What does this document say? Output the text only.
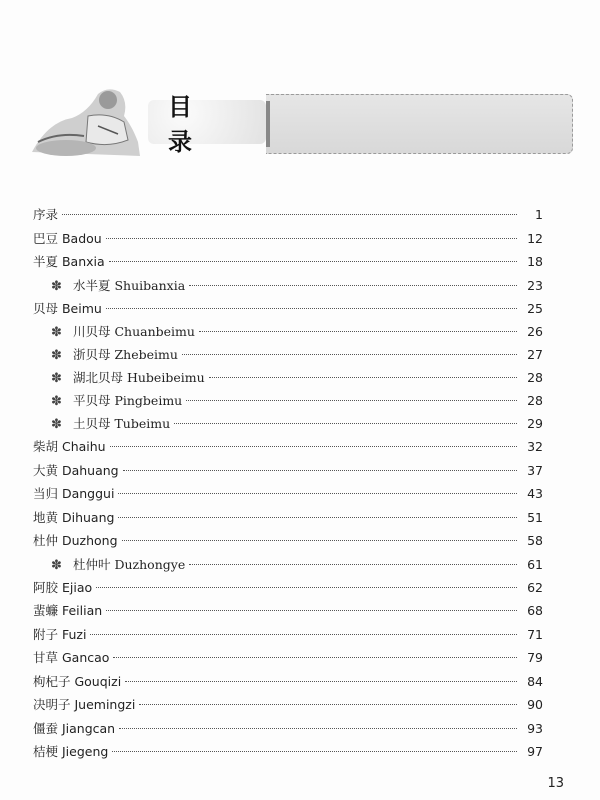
目 录
序录	1
巴豆 Badou	12
半夏 Banxia	18
✽ 水半夏 Shuibanxia	23
贝母 Beimu	25
✽ 川贝母 Chuanbeimu	26
✽ 浙贝母 Zhebeimu	27
✽ 湖北贝母 Hubeibeimu	28
✽ 平贝母 Pingbeimu	28
✽ 土贝母 Tubeimu	29
柴胡 Chaihu	32
大黄 Dahuang	37
当归 Danggui	43
地黄 Dihuang	51
杜仲 Duzhong	58
✽ 杜仲叶 Duzhongye	61
阿胶 Ejiao	62
蜚蠊 Feilian	68
附子 Fuzi	71
甘草 Gancao	79
枸杞子 Gouqizi	84
决明子 Juemingzi	90
僵蚕 Jiangcan	93
桔梗 Jiegeng	97
13
